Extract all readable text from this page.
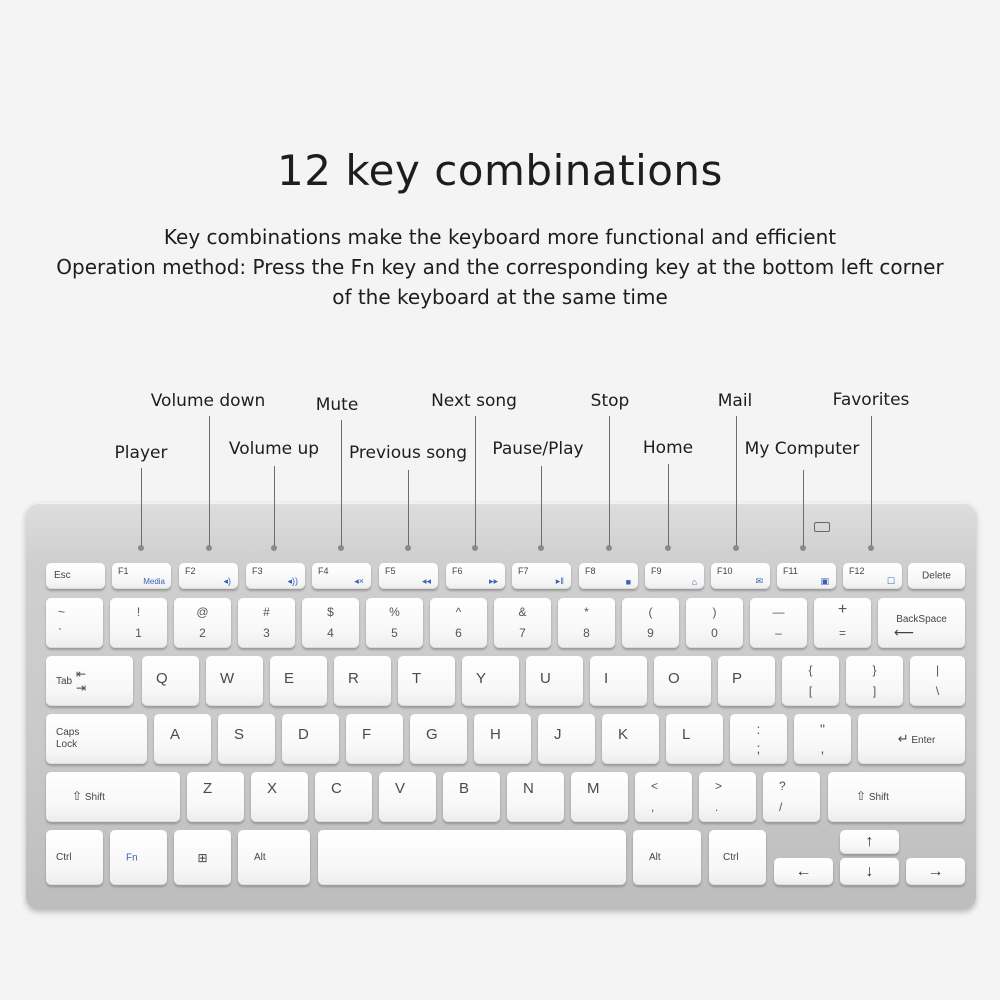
12 key combinations
Key combinations make the keyboard more functional and efficient
Operation method: Press the Fn key and the corresponding key at the bottom left corner
of the keyboard at the same time
Player
Volume down
Volume up
Mute
Previous song
Next song
Pause/Play
Stop
Home
Mail
My Computer
Favorites
Esc	F1
Media
F2
◂)
F3
◂))
F4
◂×
F5
◂◂
F6
▸▸
F7
▸‖
F8
■
F9
⌂
F10
✉
F11
▣
F12
☐	Delete
~
`
!
1
@
2
#
3
$
4
%
5
^
6
&
7
*
8
(
9
)
0
—
–
+
=
BackSpace
⟵
Tab
⇤
⇥
Q	W	E	R	T	Y	U	I	O	P	{
[
}
]
|
\
Caps
Lock
A	S	D	F	G	H	J	K	L	:
;
"
,
↵ Enter
⇧ Shift
Z	X	C	V	B	N	M	<
,
>
.
?
/
⇧ Shift
Ctrl	Fn	⊞	Alt	Alt	Ctrl
←
↑
↓	→
